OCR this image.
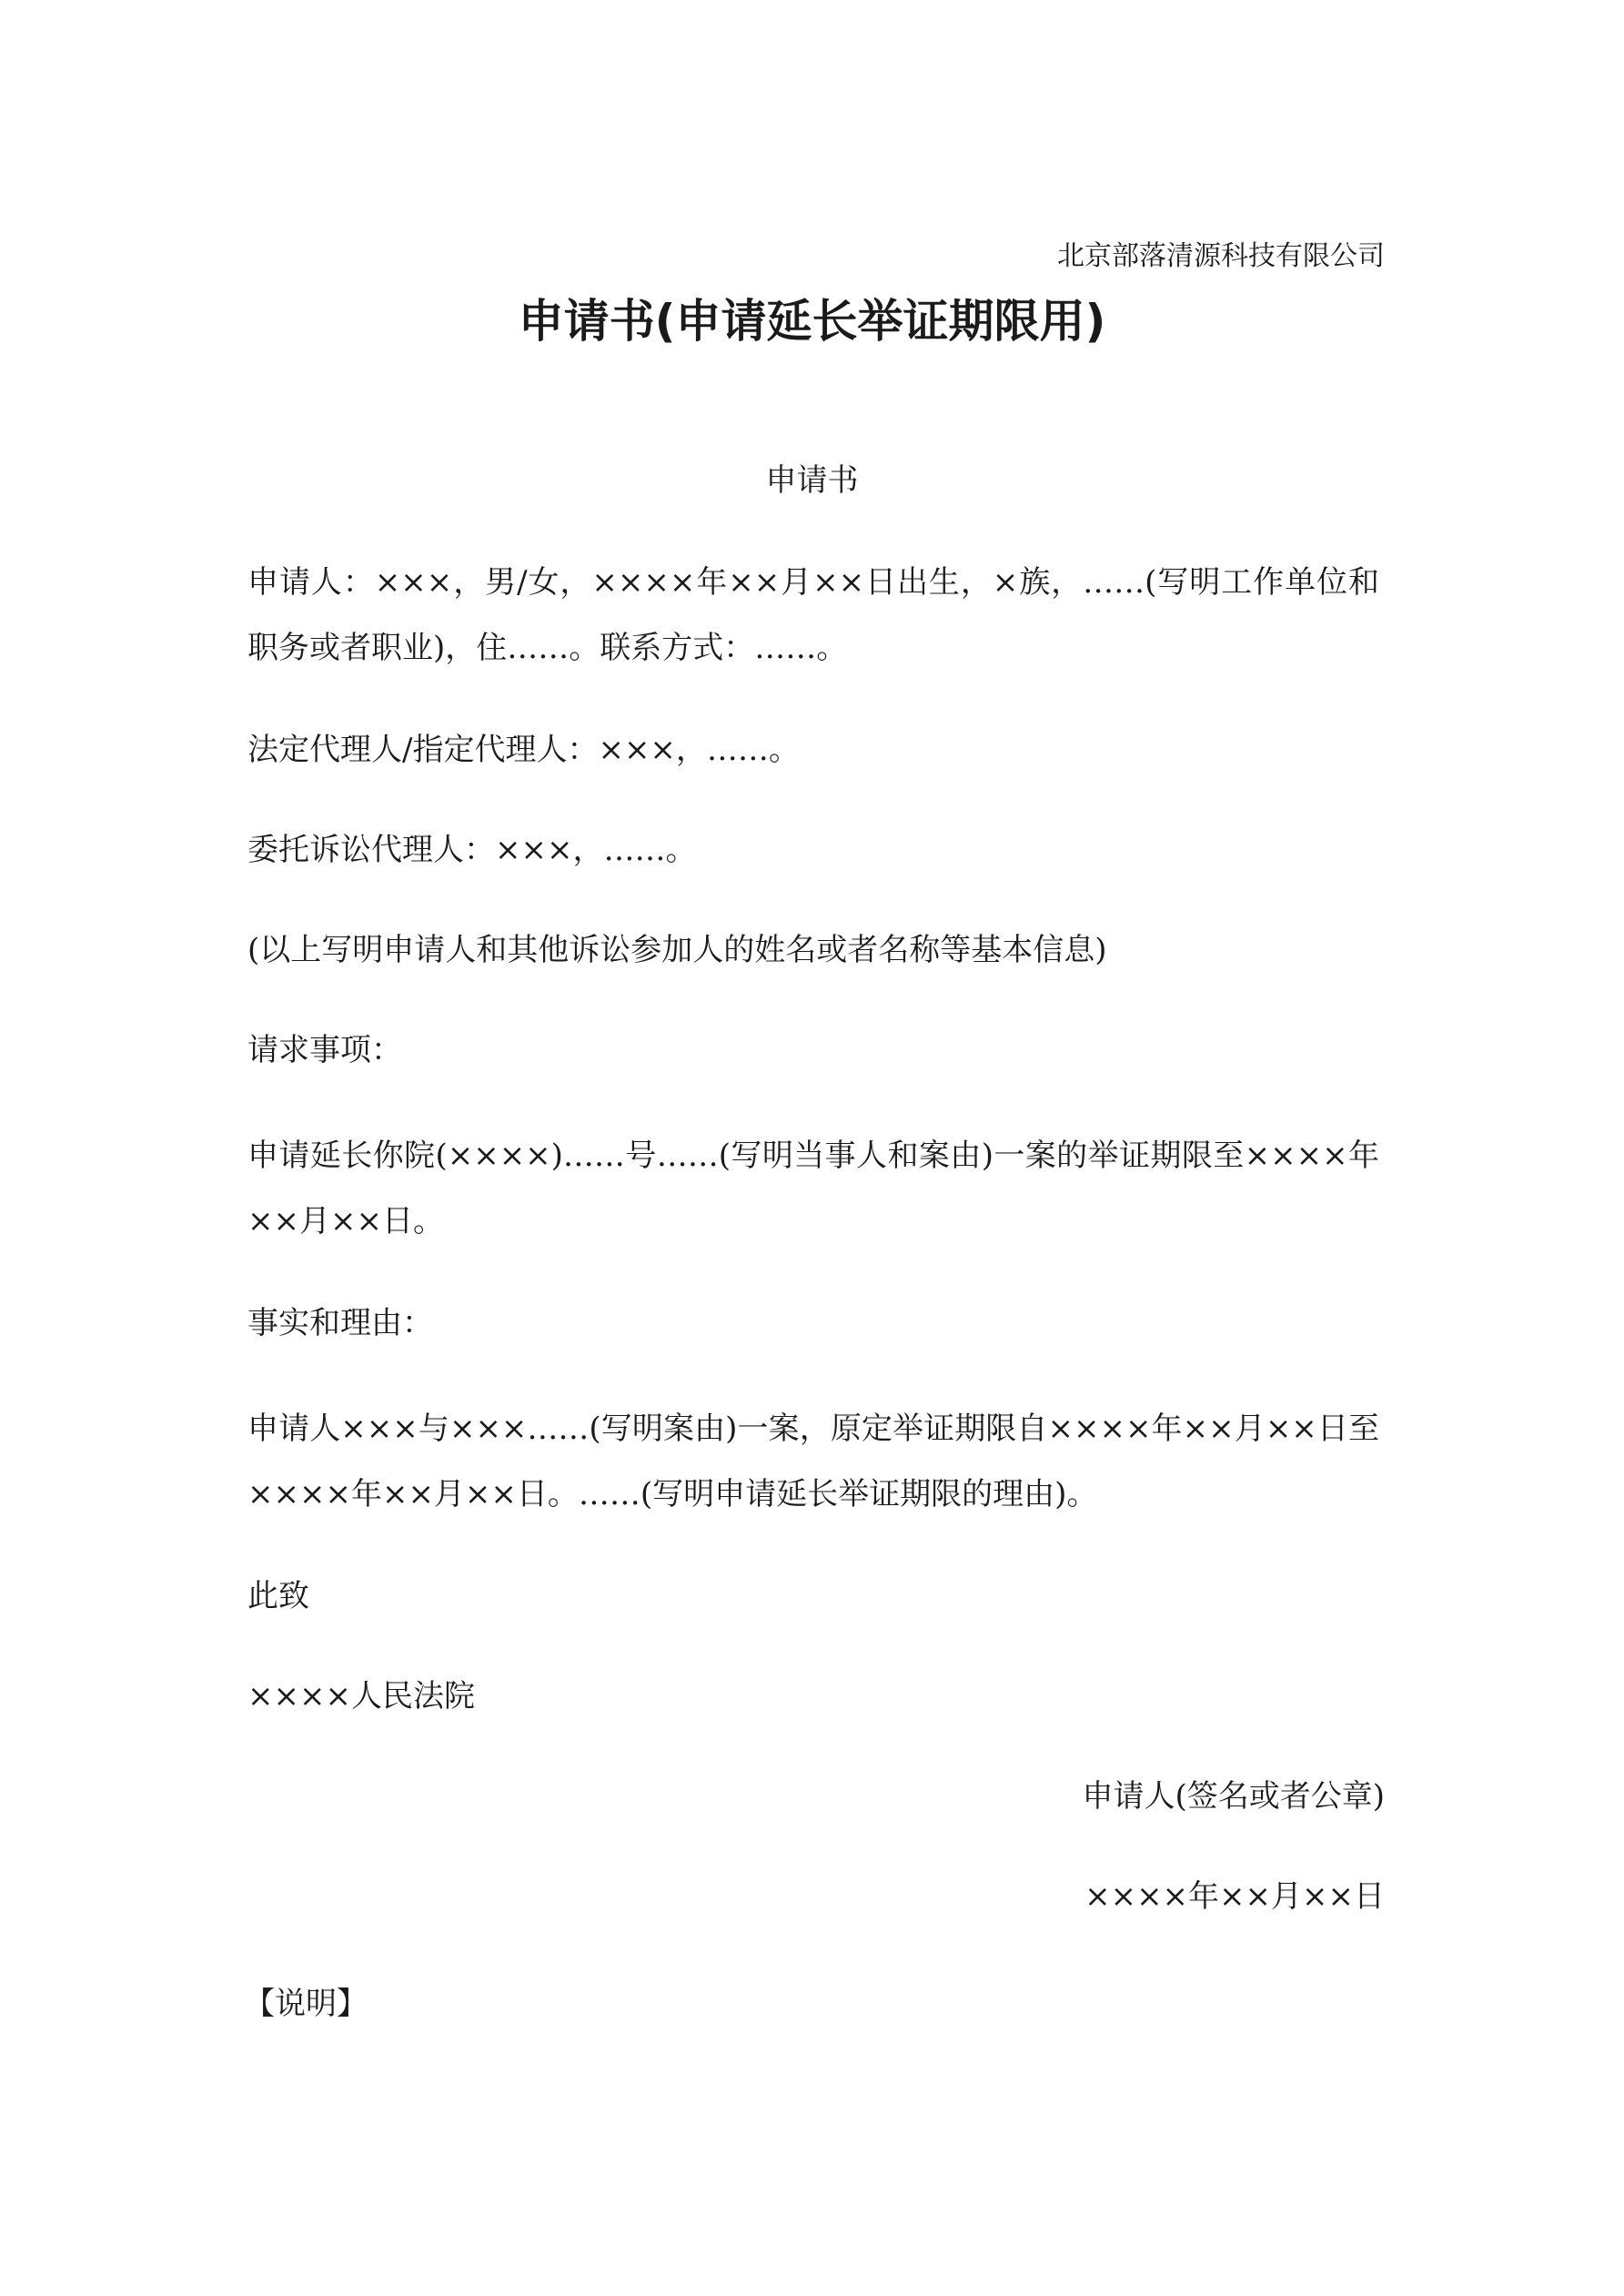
北京部落清源科技有限公司
申请书(申请延长举证期限用)
申请书
申请人：×××，男/女，××××年××月××日出生，×族，……(写明工作单位和职务或者职业)，住……。联系方式：……。
法定代理人/指定代理人：×××，……。
委托诉讼代理人：×××，……。
(以上写明申请人和其他诉讼参加人的姓名或者名称等基本信息)
请求事项：
申请延长你院(××××)……号……(写明当事人和案由)一案的举证期限至××××年××月××日。
事实和理由：
申请人×××与×××……(写明案由)一案，原定举证期限自××××年××月××日至××××年××月××日。……(写明申请延长举证期限的理由)。
此致
××××人民法院
申请人(签名或者公章)
××××年××月××日
【说明】
